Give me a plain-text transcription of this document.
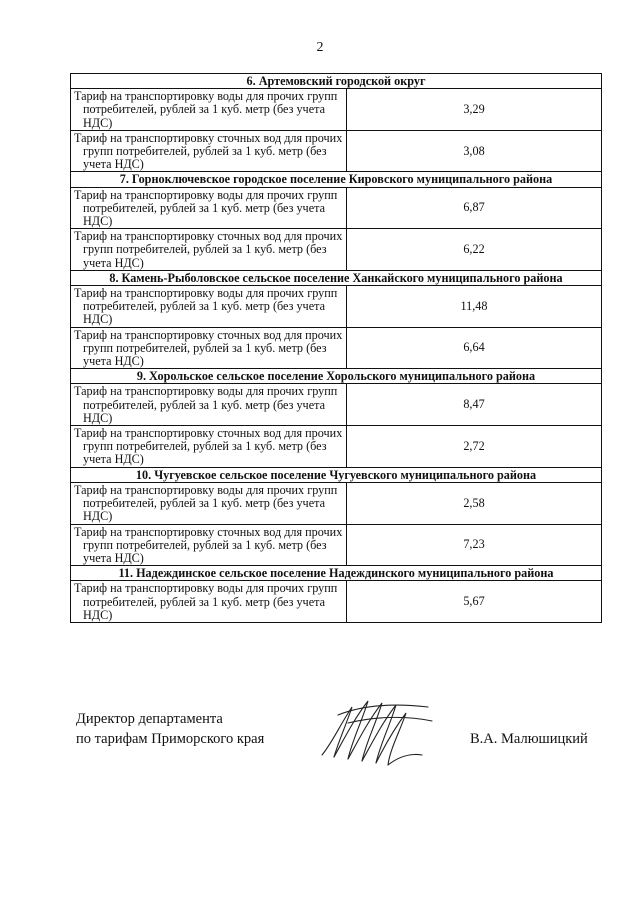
2
6. Артемовский городской округ	
Тариф на транспортировку воды для прочих групп потребителей, рублей за 1 куб. метр (без учета НДС)	3,29
Тариф на транспортировку сточных вод для прочих групп потребителей, рублей за 1 куб. метр (без учета НДС)	3,08
7. Горноключевское городское поселение Кировского муниципального района	
Тариф на транспортировку воды для прочих групп потребителей, рублей за 1 куб. метр (без учета НДС)	6,87
Тариф на транспортировку сточных вод для прочих групп потребителей, рублей за 1 куб. метр (без учета НДС)	6,22
8. Камень-Рыболовское сельское поселение Ханкайского муниципального района	
Тариф на транспортировку воды для прочих групп потребителей, рублей за 1 куб. метр (без учета НДС)	11,48
Тариф на транспортировку сточных вод для прочих групп потребителей, рублей за 1 куб. метр (без учета НДС)	6,64
9. Хорольское сельское поселение Хорольского муниципального района	
Тариф на транспортировку воды для прочих групп потребителей, рублей за 1 куб. метр (без учета НДС)	8,47
Тариф на транспортировку сточных вод для прочих групп потребителей, рублей за 1 куб. метр (без учета НДС)	2,72
10. Чугуевское сельское поселение Чугуевского муниципального района	
Тариф на транспортировку воды для прочих групп потребителей, рублей за 1 куб. метр (без учета НДС)	2,58
Тариф на транспортировку сточных вод для прочих групп потребителей, рублей за 1 куб. метр (без учета НДС)	7,23
11. Надеждинское сельское поселение Надеждинского муниципального района	
Тариф на транспортировку воды для прочих групп потребителей, рублей за 1 куб. метр (без учета НДС)	5,67
Директор департамента
по тарифам Приморского края	В.А. Малюшицкий
